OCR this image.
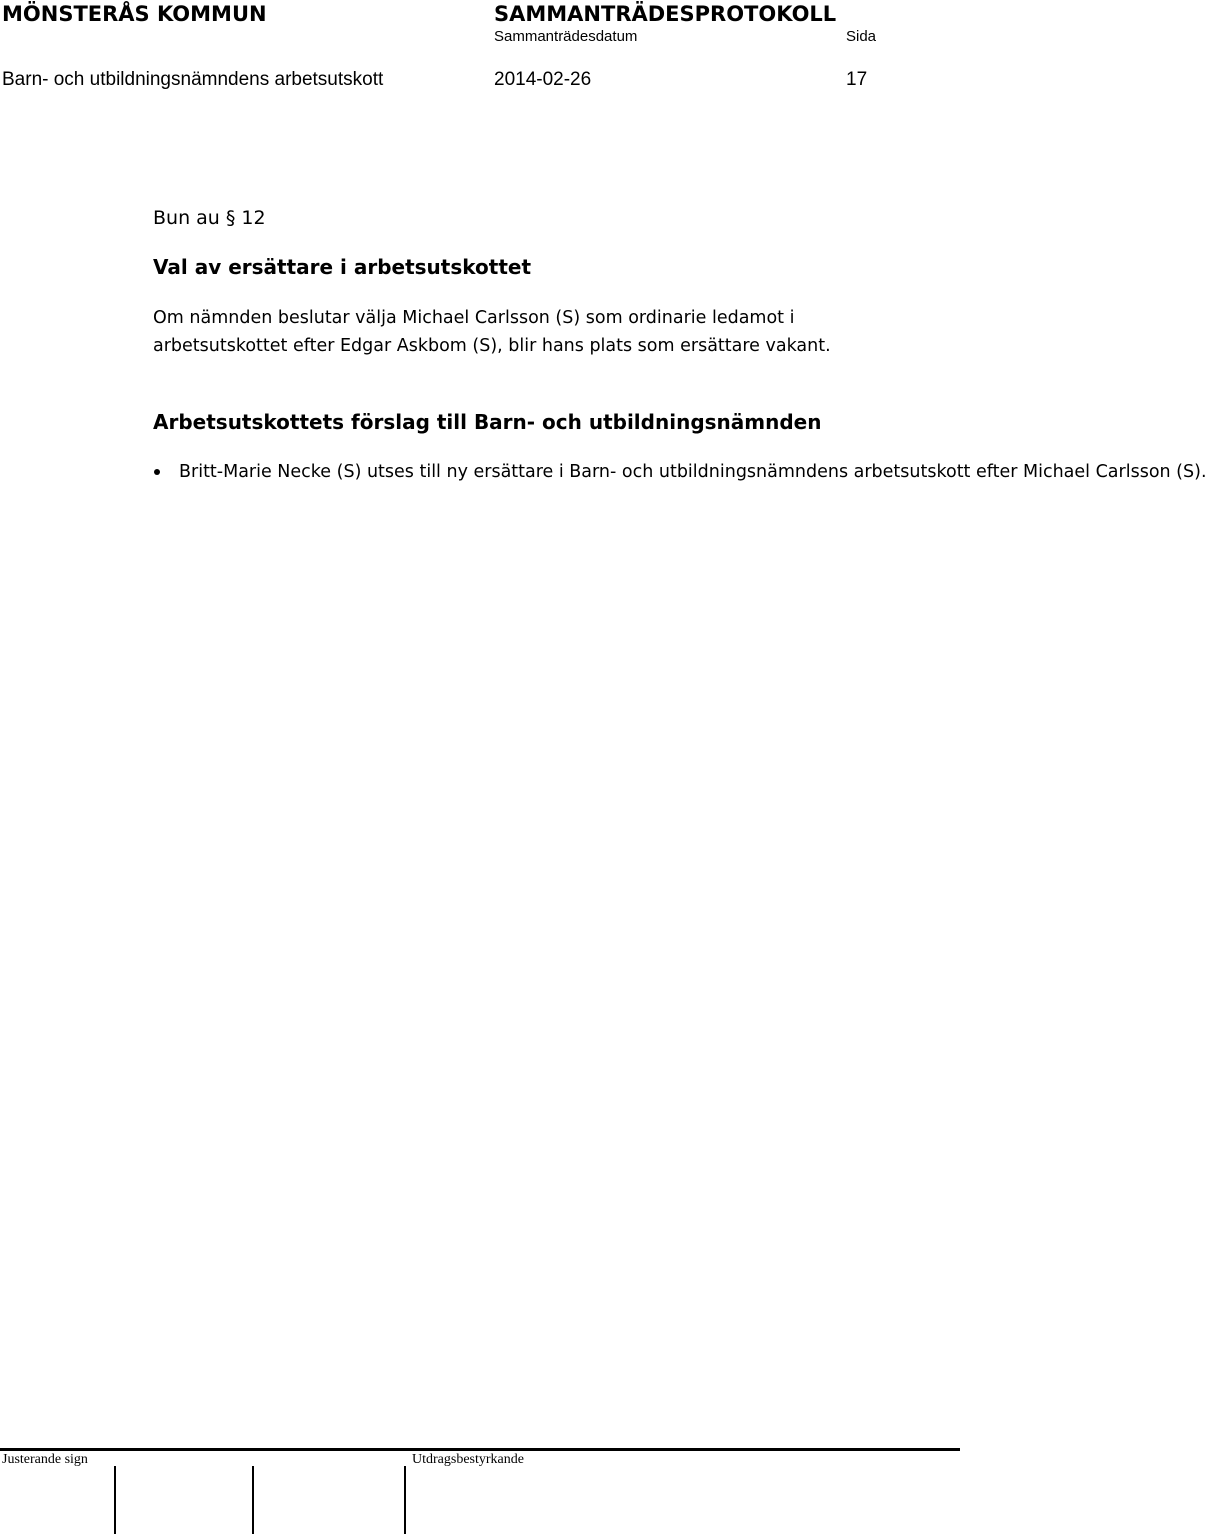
MÖNSTERÅS KOMMUN	SAMMANTRÄDESPROTOKOLL
Sammanträdesdatum	Sida
Barn- och utbildningsnämndens arbetsutskott	2014-02-26	17
Bun au § 12
Val av ersättare i arbetsutskottet
Om nämnden beslutar välja Michael Carlsson (S) som ordinarie ledamot i arbetsutskottet efter Edgar Askbom (S), blir hans plats som ersättare vakant.
Arbetsutskottets förslag till Barn- och utbildningsnämnden
Britt-Marie Necke (S) utses till ny ersättare i Barn- och utbildningsnämndens arbetsutskott efter Michael Carlsson (S).
Justerande sign	Utdragsbestyrkande
